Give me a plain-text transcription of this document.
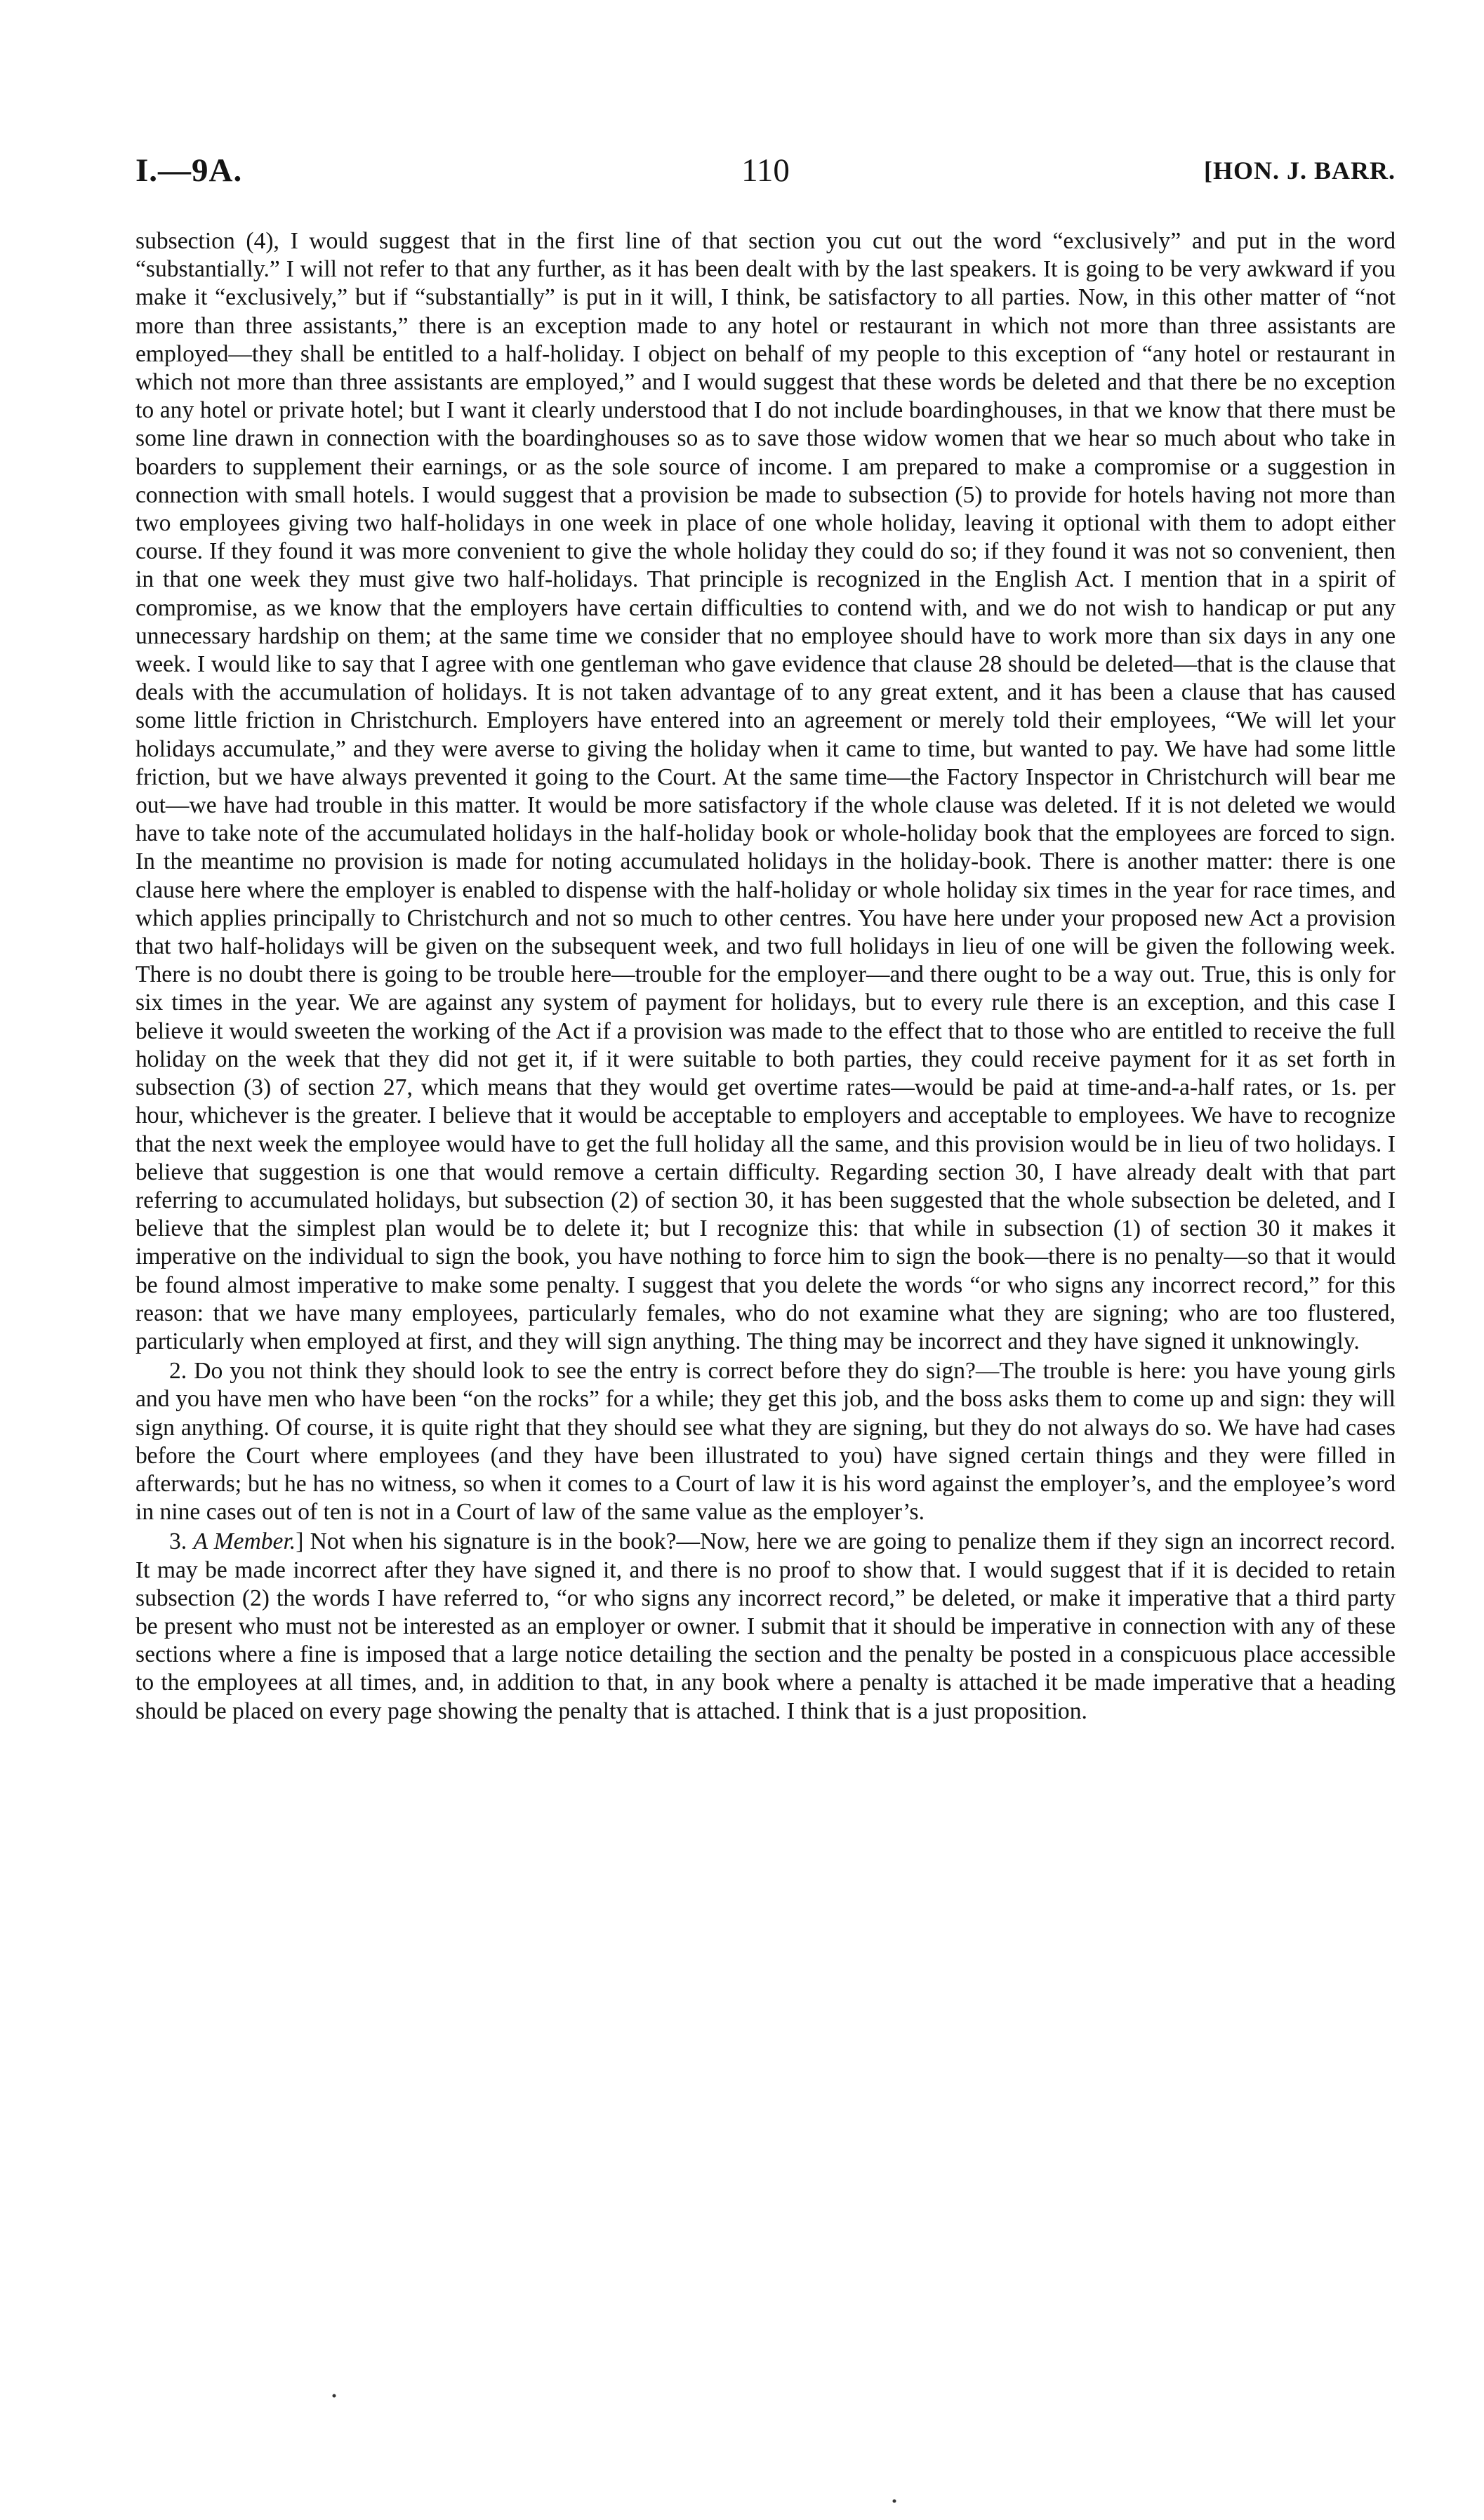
I.—9A.	110	[HON. J. BARR.

subsection (4), I would suggest that in the first line of that section you cut out the word “exclusively” and put in the word “substantially.” I will not refer to that any further, as it has been dealt with by the last speakers. It is going to be very awkward if you make it “exclusively,” but if “substantially” is put in it will, I think, be satisfactory to all parties. Now, in this other matter of “not more than three assistants,” there is an exception made to any hotel or restaurant in which not more than three assistants are employed—they shall be entitled to a half-holiday. I object on behalf of my people to this exception of “any hotel or restaurant in which not more than three assistants are employed,” and I would suggest that these words be deleted and that there be no exception to any hotel or private hotel; but I want it clearly understood that I do not include boardinghouses, in that we know that there must be some line drawn in connection with the boardinghouses so as to save those widow women that we hear so much about who take in boarders to supplement their earnings, or as the sole source of income. I am prepared to make a compromise or a suggestion in connection with small hotels. I would suggest that a provision be made to subsection (5) to provide for hotels having not more than two employees giving two half-holidays in one week in place of one whole holiday, leaving it optional with them to adopt either course. If they found it was more convenient to give the whole holiday they could do so; if they found it was not so convenient, then in that one week they must give two half-holidays. That principle is recognized in the English Act. I mention that in a spirit of compromise, as we know that the employers have certain difficulties to contend with, and we do not wish to handicap or put any unnecessary hardship on them; at the same time we consider that no employee should have to work more than six days in any one week. I would like to say that I agree with one gentleman who gave evidence that clause 28 should be deleted—that is the clause that deals with the accumulation of holidays. It is not taken advantage of to any great extent, and it has been a clause that has caused some little friction in Christchurch. Employers have entered into an agreement or merely told their employees, “We will let your holidays accumulate,” and they were averse to giving the holiday when it came to time, but wanted to pay. We have had some little friction, but we have always prevented it going to the Court. At the same time—the Factory Inspector in Christchurch will bear me out—we have had trouble in this matter. It would be more satisfactory if the whole clause was deleted. If it is not deleted we would have to take note of the accumulated holidays in the half-holiday book or whole-holiday book that the employees are forced to sign. In the meantime no provision is made for noting accumulated holidays in the holiday-book. There is another matter: there is one clause here where the employer is enabled to dispense with the half-holiday or whole holiday six times in the year for race times, and which applies principally to Christchurch and not so much to other centres. You have here under your proposed new Act a provision that two half-holidays will be given on the subsequent week, and two full holidays in lieu of one will be given the following week. There is no doubt there is going to be trouble here—trouble for the employer—and there ought to be a way out. True, this is only for six times in the year. We are against any system of payment for holidays, but to every rule there is an exception, and this case I believe it would sweeten the working of the Act if a provision was made to the effect that to those who are entitled to receive the full holiday on the week that they did not get it, if it were suitable to both parties, they could receive payment for it as set forth in subsection (3) of section 27, which means that they would get overtime rates—would be paid at time-and-a-half rates, or 1s. per hour, whichever is the greater. I believe that it would be acceptable to employers and acceptable to employees. We have to recognize that the next week the employee would have to get the full holiday all the same, and this provision would be in lieu of two holidays. I believe that suggestion is one that would remove a certain difficulty. Regarding section 30, I have already dealt with that part referring to accumulated holidays, but subsection (2) of section 30, it has been suggested that the whole subsection be deleted, and I believe that the simplest plan would be to delete it; but I recognize this: that while in subsection (1) of section 30 it makes it imperative on the individual to sign the book, you have nothing to force him to sign the book—there is no penalty—so that it would be found almost imperative to make some penalty. I suggest that you delete the words “or who signs any incorrect record,” for this reason: that we have many employees, particularly females, who do not examine what they are signing; who are too flustered, particularly when employed at first, and they will sign anything. The thing may be incorrect and they have signed it unknowingly.

2. Do you not think they should look to see the entry is correct before they do sign?—The trouble is here: you have young girls and you have men who have been “on the rocks” for a while; they get this job, and the boss asks them to come up and sign: they will sign anything. Of course, it is quite right that they should see what they are signing, but they do not always do so. We have had cases before the Court where employees (and they have been illustrated to you) have signed certain things and they were filled in afterwards; but he has no witness, so when it comes to a Court of law it is his word against the employer’s, and the employee’s word in nine cases out of ten is not in a Court of law of the same value as the employer’s.

3. A Member.] Not when his signature is in the book?—Now, here we are going to penalize them if they sign an incorrect record. It may be made incorrect after they have signed it, and there is no proof to show that. I would suggest that if it is decided to retain subsection (2) the words I have referred to, “or who signs any incorrect record,” be deleted, or make it imperative that a third party be present who must not be interested as an employer or owner. I submit that it should be imperative in connection with any of these sections where a fine is imposed that a large notice detailing the section and the penalty be posted in a conspicuous place accessible to the employees at all times, and, in addition to that, in any book where a penalty is attached it be made imperative that a heading should be placed on every page showing the penalty that is attached. I think that is a just proposition.
